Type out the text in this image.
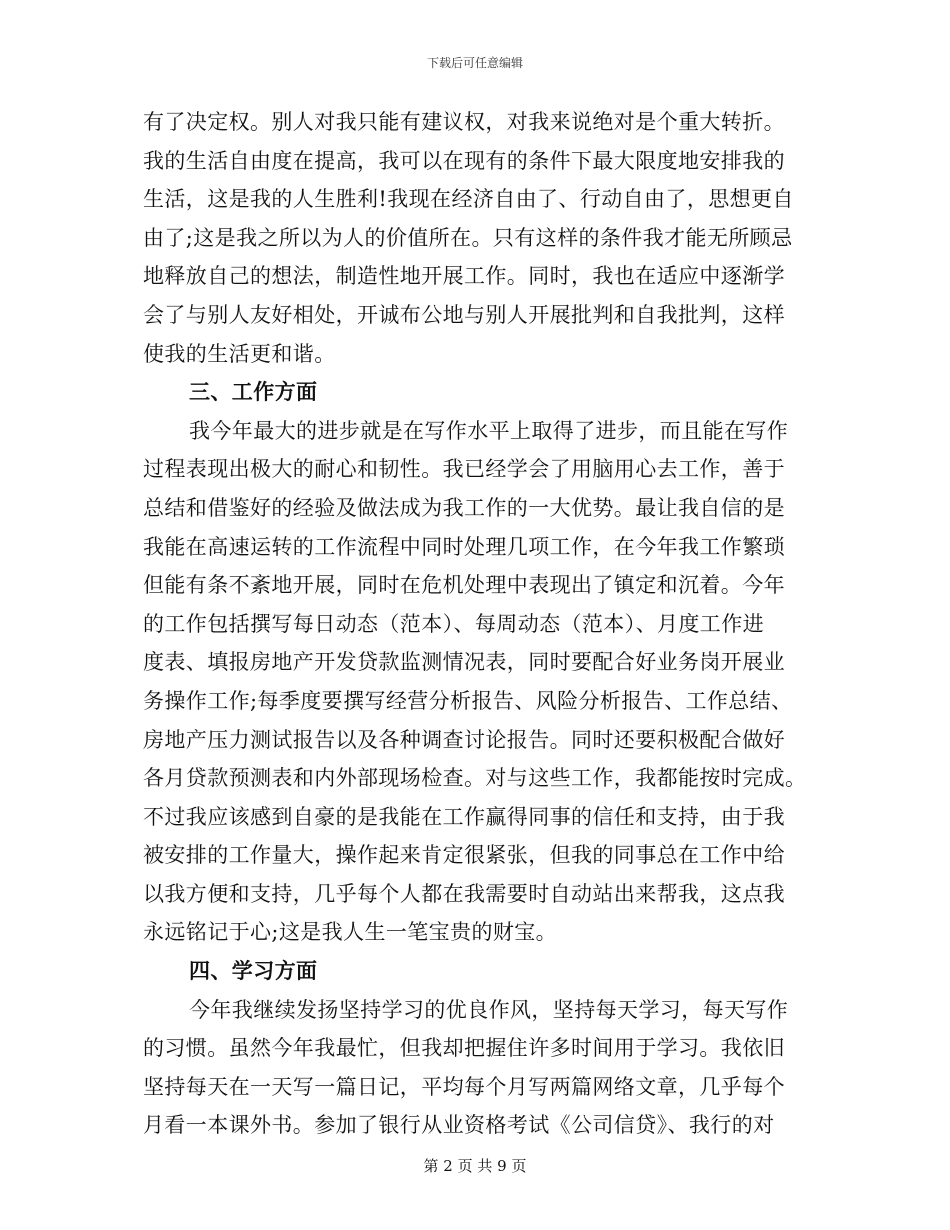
下载后可任意编辑
有了决定权。别人对我只能有建议权，对我来说绝对是个重大转折。
我的生活自由度在提高，我可以在现有的条件下最大限度地安排我的
生活，这是我的人生胜利!我现在经济自由了、行动自由了，思想更自
由了;这是我之所以为人的价值所在。只有这样的条件我才能无所顾忌
地释放自己的想法，制造性地开展工作。同时，我也在适应中逐渐学
会了与别人友好相处，开诚布公地与别人开展批判和自我批判，这样
使我的生活更和谐。
三、工作方面
我今年最大的进步就是在写作水平上取得了进步，而且能在写作
过程表现出极大的耐心和韧性。我已经学会了用脑用心去工作，善于
总结和借鉴好的经验及做法成为我工作的一大优势。最让我自信的是
我能在高速运转的工作流程中同时处理几项工作，在今年我工作繁琐
但能有条不紊地开展，同时在危机处理中表现出了镇定和沉着。今年
的工作包括撰写每日动态（范本）、每周动态（范本）、月度工作进
度表、填报房地产开发贷款监测情况表，同时要配合好业务岗开展业
务操作工作;每季度要撰写经营分析报告、风险分析报告、工作总结、
房地产压力测试报告以及各种调查讨论报告。同时还要积极配合做好
各月贷款预测表和内外部现场检查。对与这些工作，我都能按时完成。
不过我应该感到自豪的是我能在工作赢得同事的信任和支持，由于我
被安排的工作量大，操作起来肯定很紧张，但我的同事总在工作中给
以我方便和支持，几乎每个人都在我需要时自动站出来帮我，这点我
永远铭记于心;这是我人生一笔宝贵的财宝。
四、学习方面
今年我继续发扬坚持学习的优良作风，坚持每天学习，每天写作
的习惯。虽然今年我最忙，但我却把握住许多时间用于学习。我依旧
坚持每天在一天写一篇日记，平均每个月写两篇网络文章，几乎每个
月看一本课外书。参加了银行从业资格考试《公司信贷》、我行的对
第 2 页 共 9 页
